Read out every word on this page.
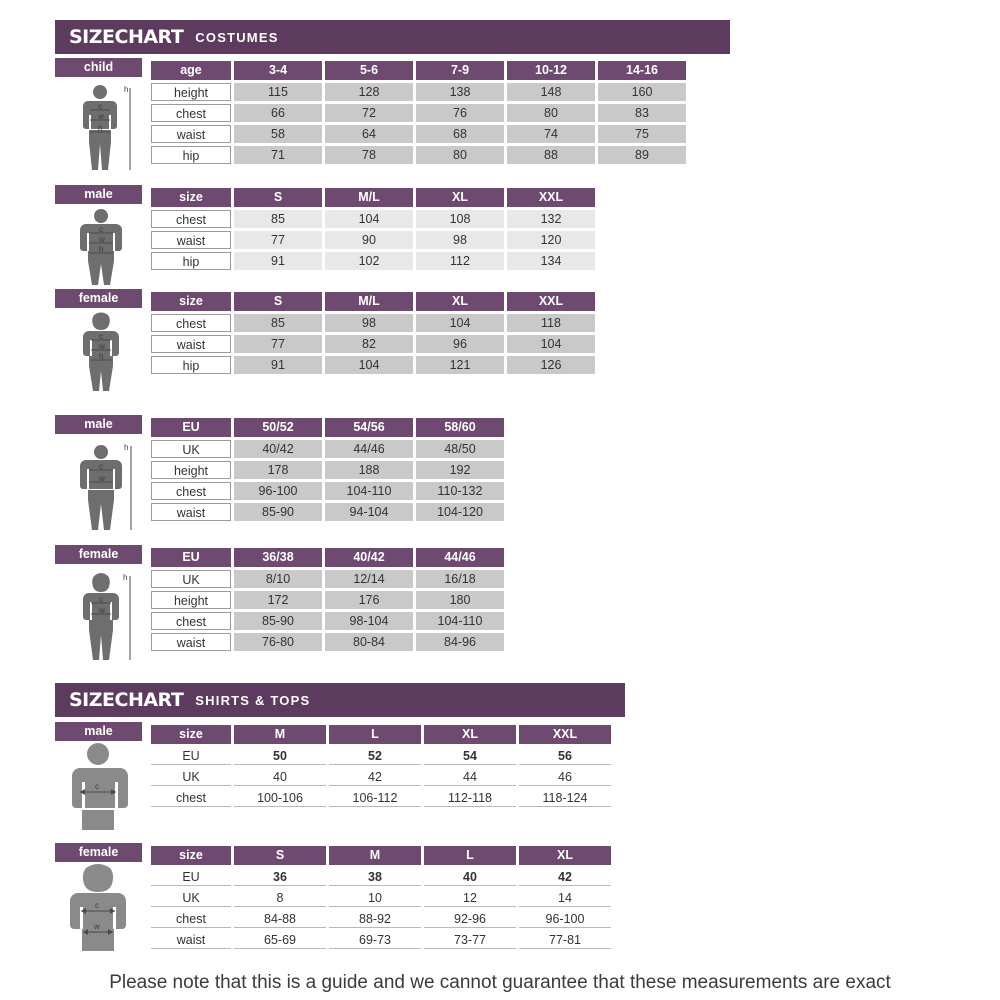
SIZECHART COSTUMES
child	age	3-4	5-6	7-9	10-12	14-16

height	115	128	138	148	160

chest	66	72	76	80	83

waist	58	64	68	74	75

hip	71	78	80	88	89
h
c
w
h
male	size	S	M/L	XL	XXL

chest	85	104	108	132

waist	77	90	98	120

hip	91	102	112	134
c
w
h
female	size	S	M/L	XL	XXL

chest	85	98	104	118

waist	77	82	96	104

hip	91	104	121	126
c
w
h
male	EU	50/52	54/56	58/60

UK	40/42	44/46	48/50

height	178	188	192

chest	96-100	104-110	110-132

waist	85-90	94-104	104-120
h
c
w
female	EU	36/38	40/42	44/46

UK	8/10	12/14	16/18

height	172	176	180

chest	85-90	98-104	104-110

waist	76-80	80-84	84-96
h
c
w
SIZECHART SHIRTS & TOPS
male	size	M	L	XL	XXL

EU	50	52	54	56

UK	40	42	44	46

chest	100-106	106-112	112-118	118-124
c
female	size	S	M	L	XL

EU	36	38	40	42

UK	8	10	12	14

chest	84-88	88-92	92-96	96-100

waist	65-69	69-73	73-77	77-81
c
w
Please note that this is a guide and we cannot guarantee that these measurements are exact
